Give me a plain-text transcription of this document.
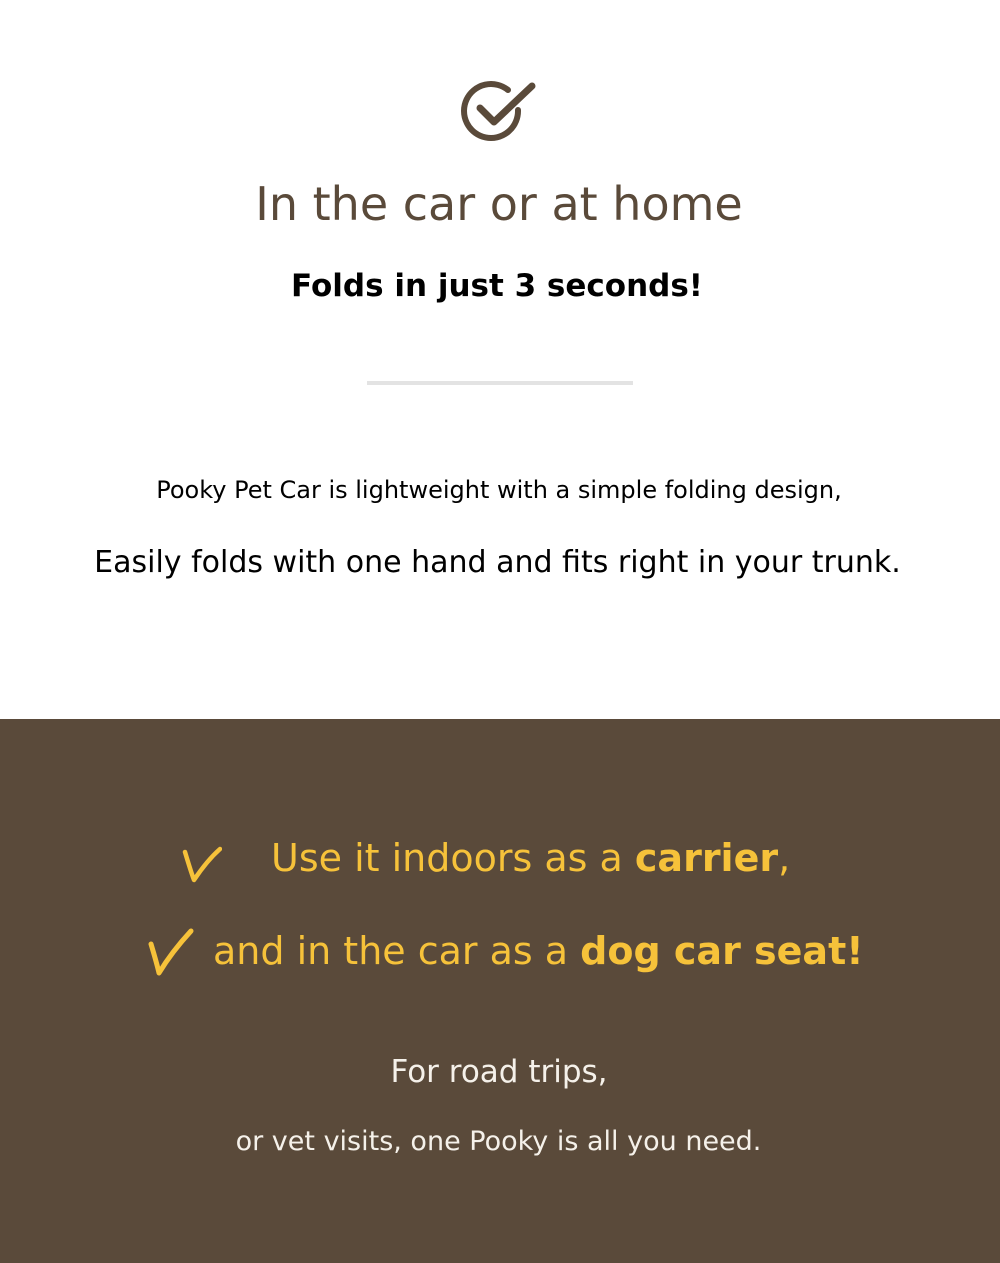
In the car or at home
Folds in just 3 seconds!

Pooky Pet Car is lightweight with a simple folding design,

Easily folds with one hand and fits right in your trunk.

Use it indoors as a carrier,
and in the car as a dog car seat!

For road trips,

or vet visits, one Pooky is all you need.
